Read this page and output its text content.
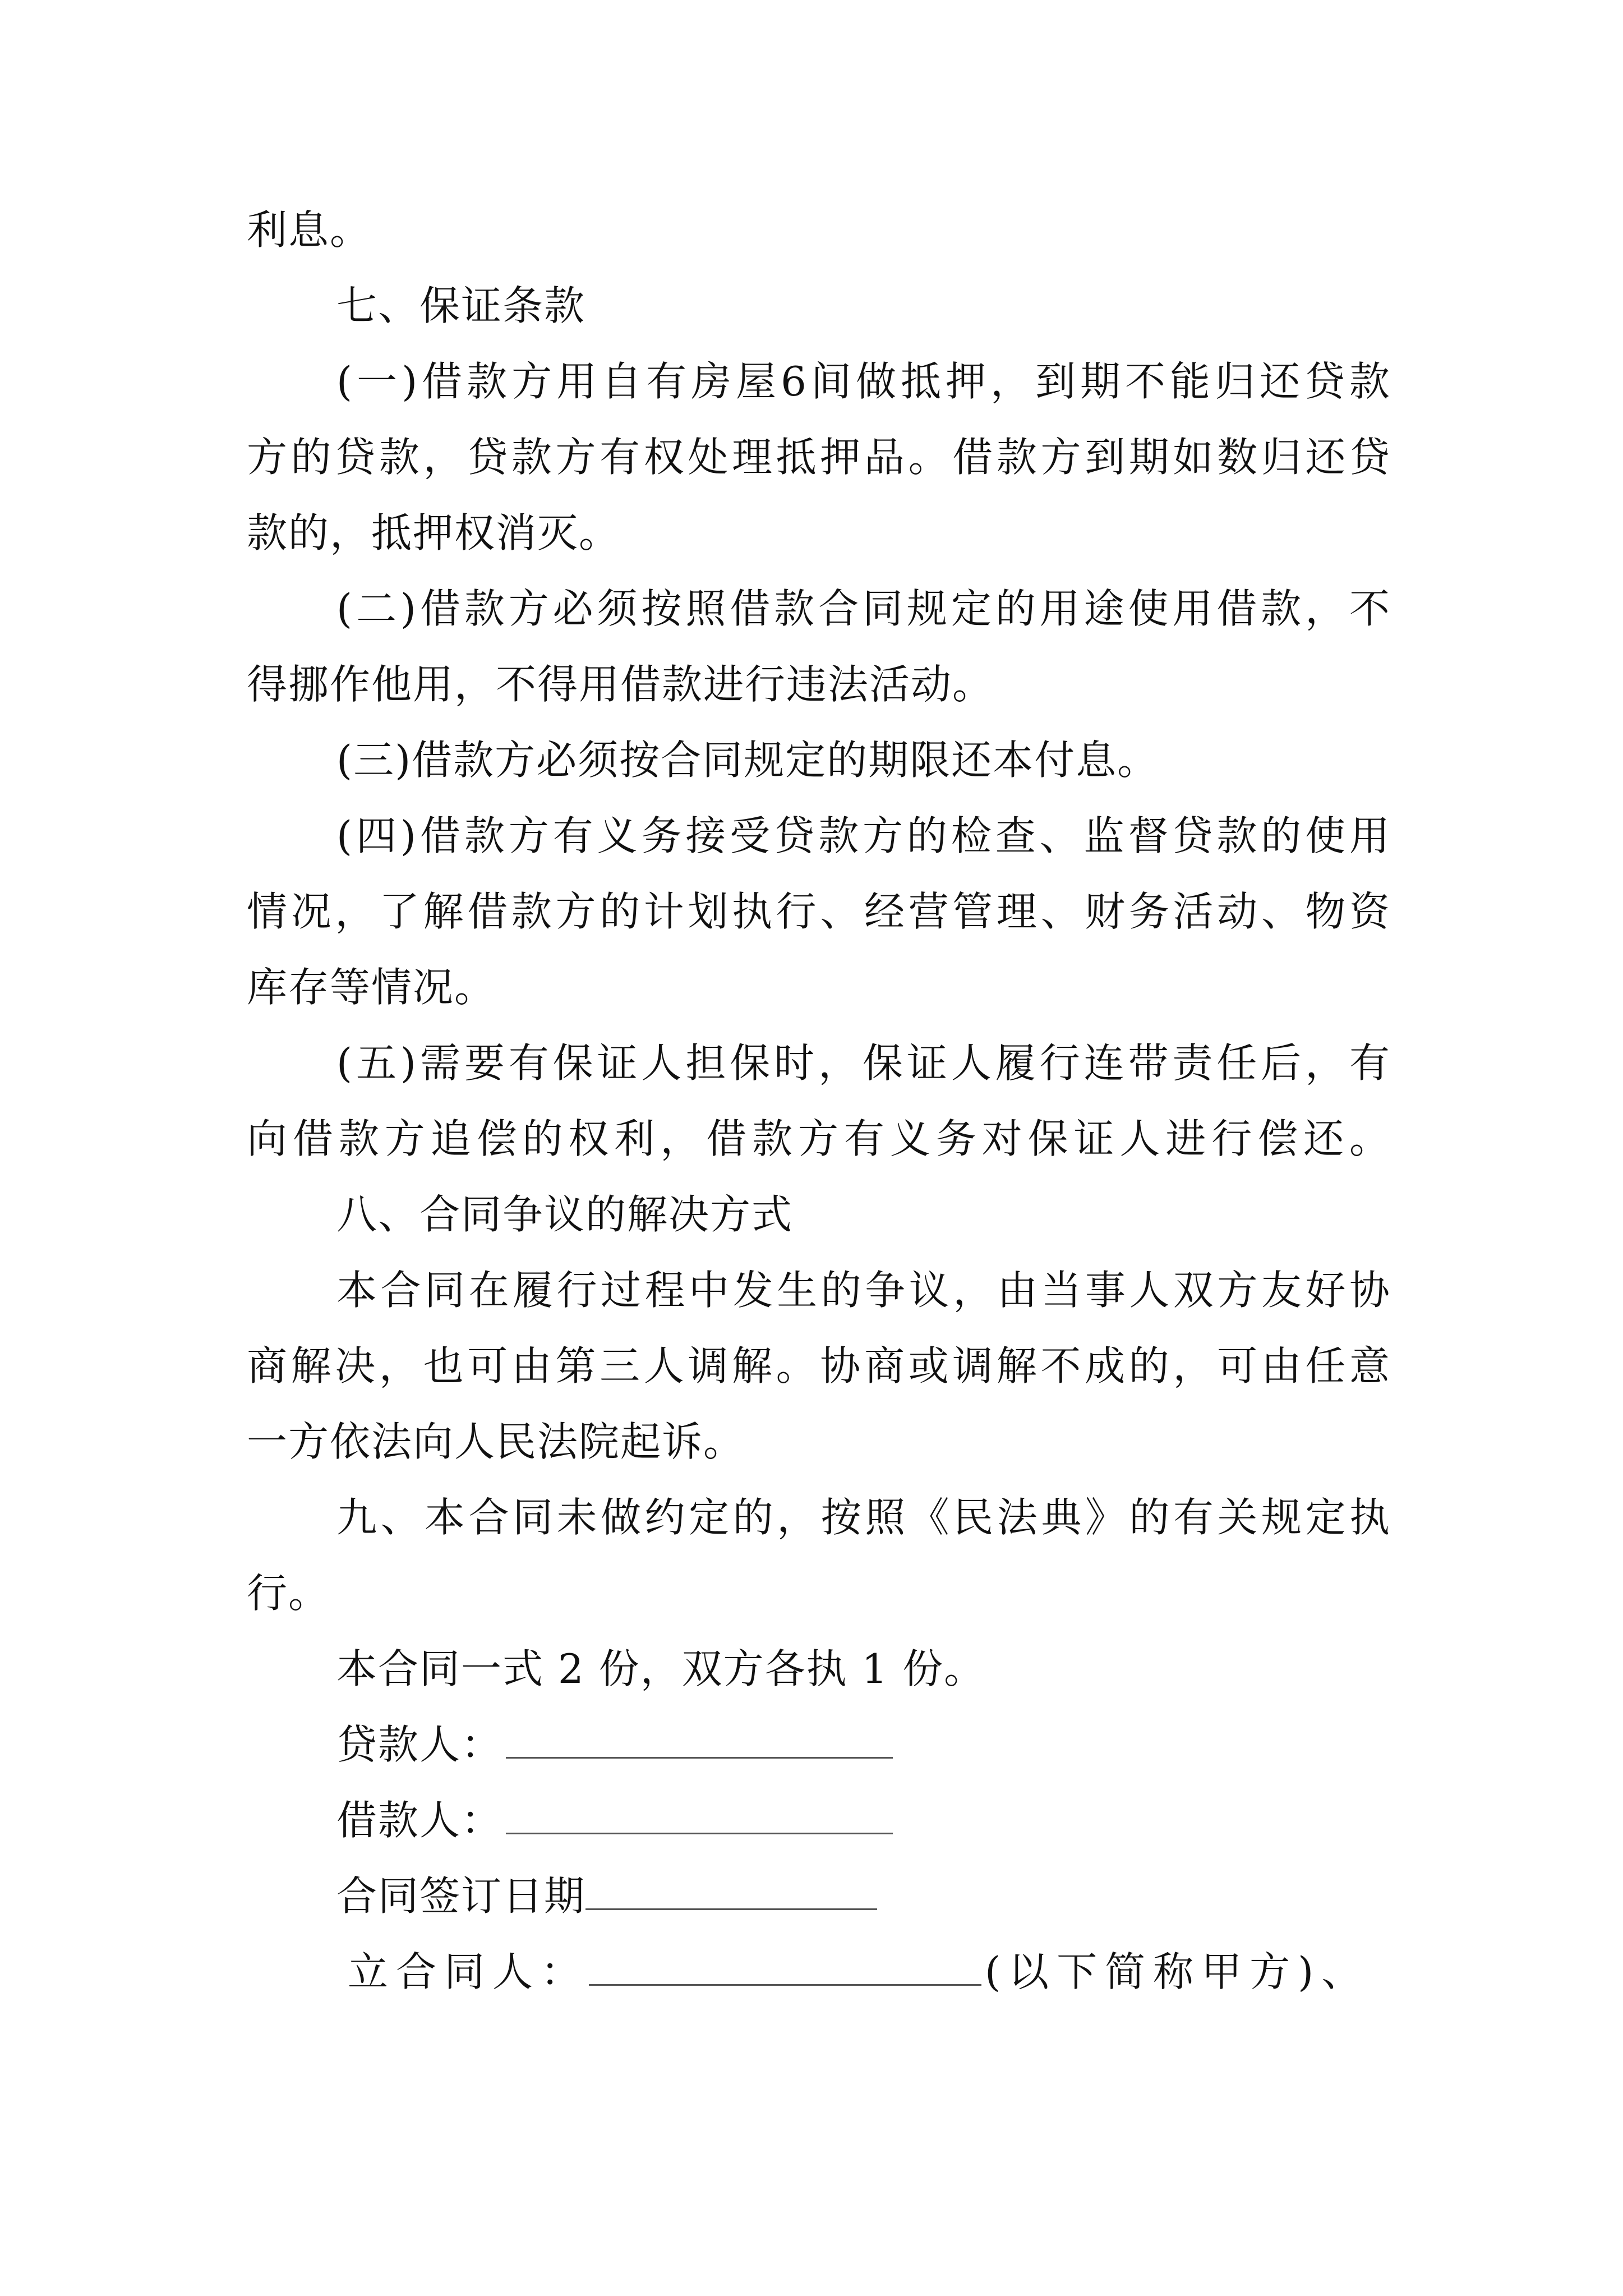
利息。
七、保证条款
(一)借款方用自有房屋6间做抵押，到期不能归还贷款
方的贷款，贷款方有权处理抵押品。借款方到期如数归还贷
款的，抵押权消灭。
(二)借款方必须按照借款合同规定的用途使用借款，不
得挪作他用，不得用借款进行违法活动。
(三)借款方必须按合同规定的期限还本付息。
(四)借款方有义务接受贷款方的检查、监督贷款的使用
情况，了解借款方的计划执行、经营管理、财务活动、物资
库存等情况。
(五)需要有保证人担保时，保证人履行连带责任后，有
向借款方追偿的权利，借款方有义务对保证人进行偿还。
八、合同争议的解决方式
本合同在履行过程中发生的争议，由当事人双方友好协
商解决，也可由第三人调解。协商或调解不成的，可由任意
一方依法向人民法院起诉。
九、本合同未做约定的，按照《民法典》的有关规定执
行。
本合同一式 2 份，双方各执 1 份。
贷款人：
借款人：
合同签订日期
立合同人：	(以下简称甲方)、
